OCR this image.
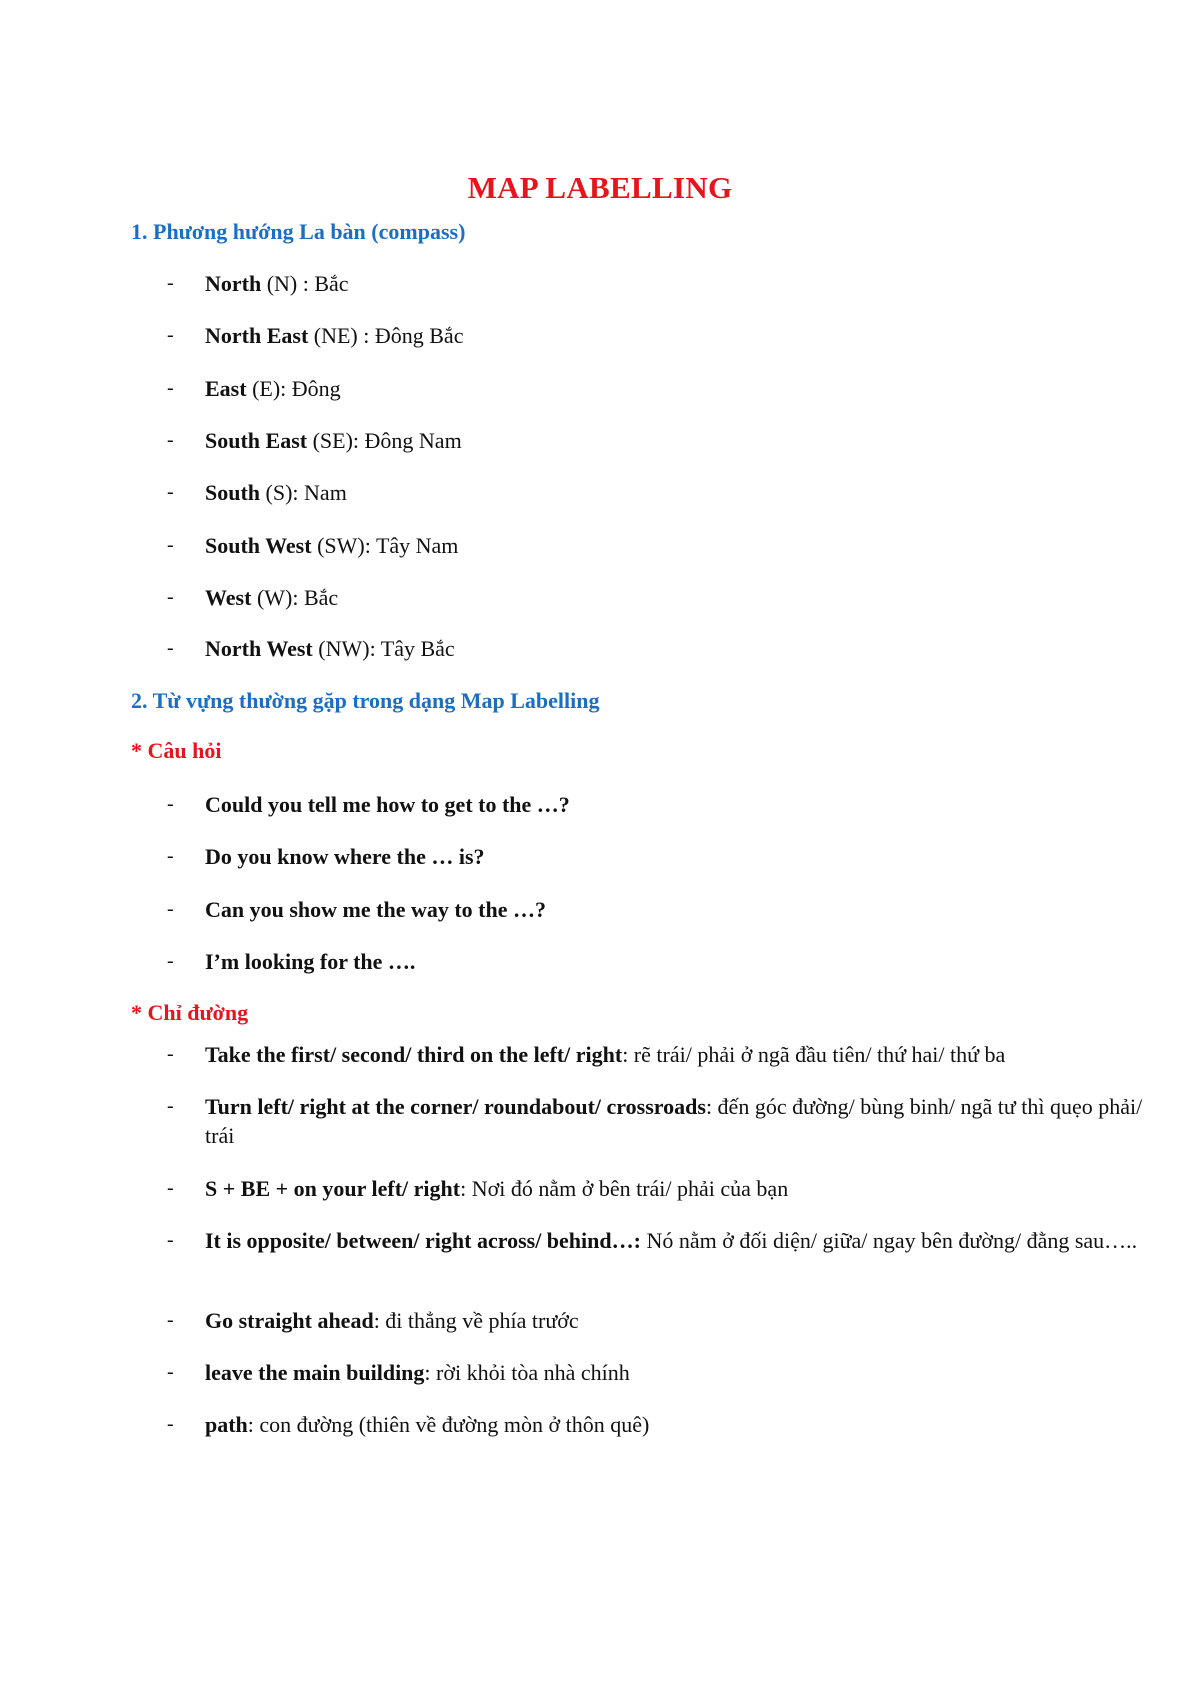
MAP LABELLING
1. Phương hướng La bàn (compass)
- North (N) : Bắc
- North East (NE) : Đông Bắc
- East (E): Đông
- South East (SE): Đông Nam
- South (S): Nam
- South West (SW): Tây Nam
- West (W): Bắc
- North West (NW): Tây Bắc
2. Từ vựng thường gặp trong dạng Map Labelling
* Câu hỏi
- Could you tell me how to get to the …?
- Do you know where the … is?
- Can you show me the way to the …?
- I’m looking for the ….
* Chỉ đường
- Take the first/ second/ third on the left/ right: rẽ trái/ phải ở ngã đầu tiên/ thứ hai/ thứ ba
- Turn left/ right at the corner/ roundabout/ crossroads: đến góc đường/ bùng binh/ ngã tư thì quẹo phải/ trái
- S + BE + on your left/ right: Nơi đó nằm ở bên trái/ phải của bạn
- It is opposite/ between/ right across/ behind…: Nó nằm ở đối diện/ giữa/ ngay bên đường/ đằng sau…..
- Go straight ahead: đi thẳng về phía trước
- leave the main building: rời khỏi tòa nhà chính
- path: con đường (thiên về đường mòn ở thôn quê)
